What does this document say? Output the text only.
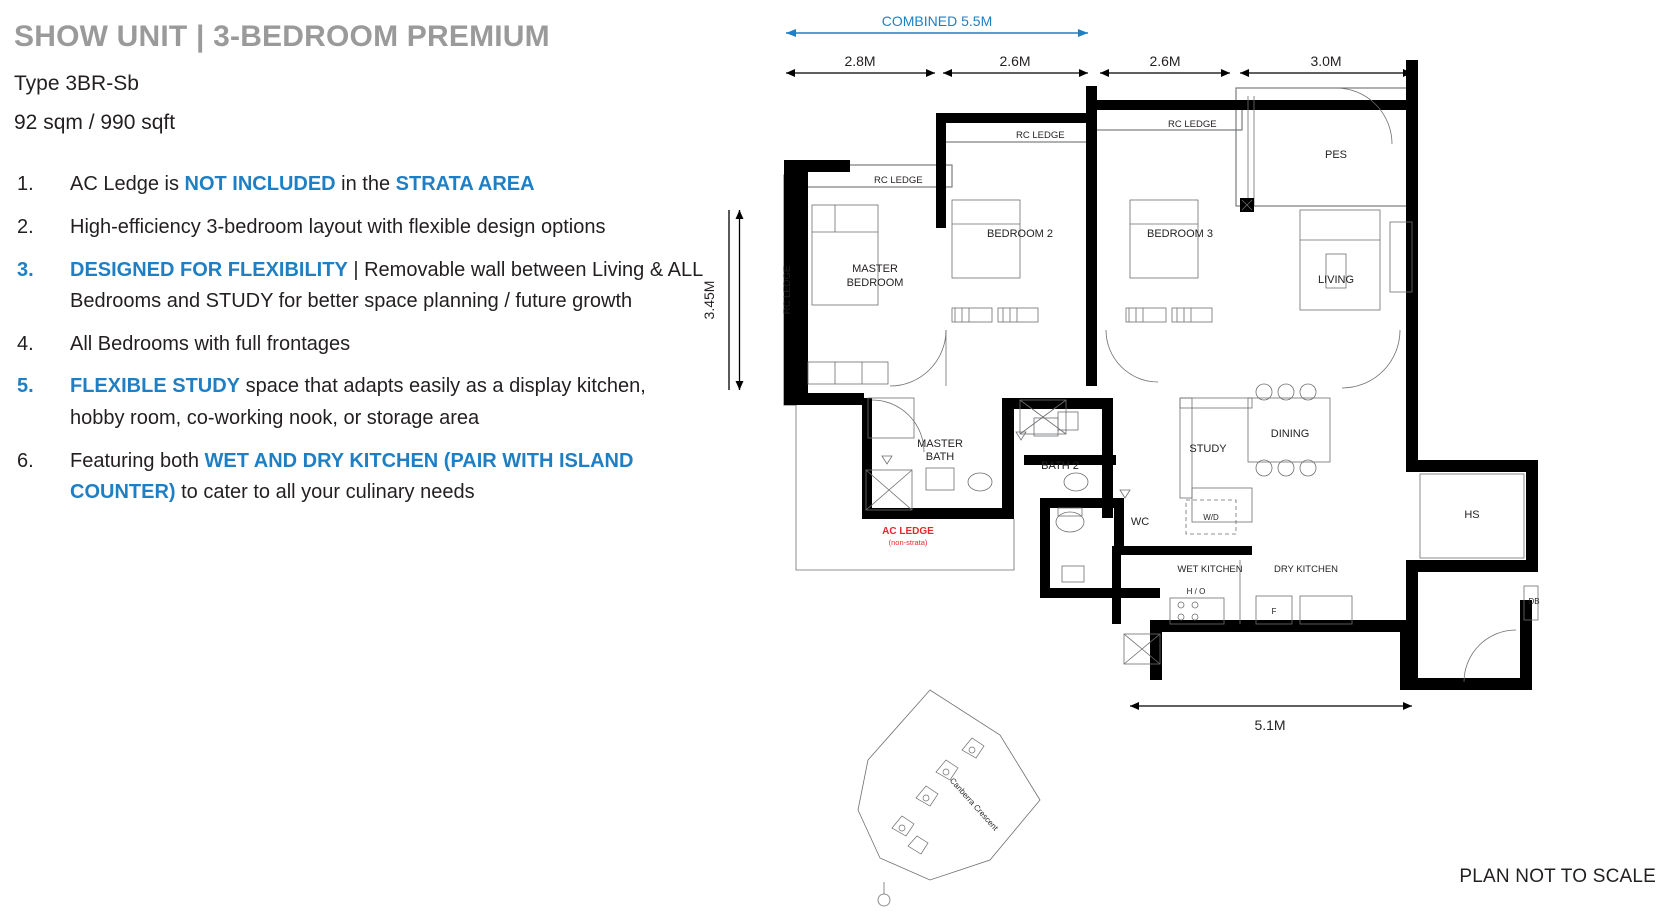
SHOW UNIT | 3-BEDROOM PREMIUM
Type 3BR-Sb
92 sqm / 990 sqft
1.	AC Ledge is NOT INCLUDED in the STRATA AREA
2.	High-efficiency 3-bedroom layout with flexible design options
3.	DESIGNED FOR FLEXIBILITY | Removable wall between Living & ALL Bedrooms and STUDY for better space planning / future growth
4.	All Bedrooms with full frontages
5.	FLEXIBLE STUDY space that adapts easily as a display kitchen, hobby room, co-working nook, or storage area
6.	Featuring both WET AND DRY KITCHEN (PAIR WITH ISLAND COUNTER) to cater to all your culinary needs
COMBINED 5.5M
2.8M	2.6M	2.6M	3.0M
3.45M
5.1M
RC LEDGE
RC LEDGE
RC LEDGE
RC LEDGE	MASTER
BEDROOM
BEDROOM 2	BEDROOM 3
LIVING
PES
MASTER
BATH
BATH 2
WC
STUDY
DINING
WET KITCHEN	DRY KITCHEN
HS
W/D
H / O
F
DB
AC LEDGE
(non-strata)
Canberra Crescent
PLAN NOT TO SCALE
